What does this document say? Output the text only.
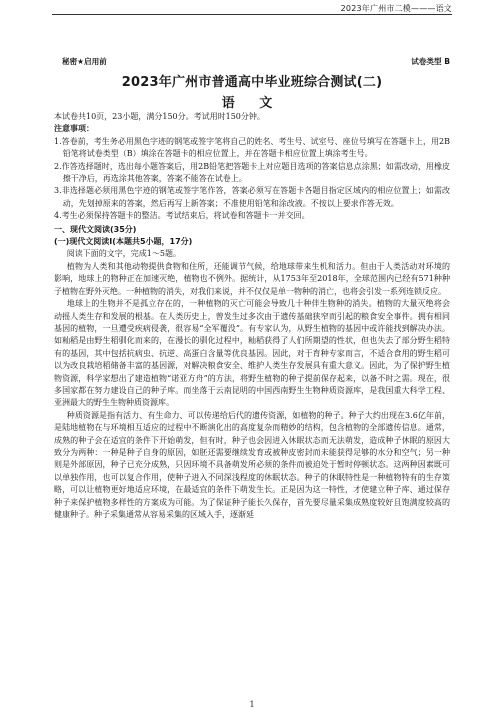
2023年广州市二模———语文
秘密★启用前	试卷类型 B
2023年广州市普通高中毕业班综合测试(二)
语 文

本试卷共10页，23小题，满分150分。考试用时150分钟。

注意事项：

1.答卷前，考生务必用黑色字迹的钢笔或签字笔将自己的姓名、考生号、试室号、座位号填写在答题卡上，用2B铅笔将试卷类型（B）填涂在答题卡的相应位置上，并在答题卡相应位置上填涂考生号。

2.作答选择题时，选出每小题答案后，用2B铅笔把答题卡上对应题目选项的答案信息点涂黑；如需改动，用橡皮擦干净后，再选涂其他答案，答案不能答在试卷上。

3.非选择题必须用黑色字迹的钢笔或签字笔作答，答案必须写在答题卡各题目指定区域内的相应位置上；如需改动，先划掉原来的答案，然后再写上新答案；不准使用铅笔和涂改液。不按以上要求作答无效。

4.考生必须保持答题卡的整洁。考试结束后，将试卷和答题卡一并交回。

一、现代文阅读(35分)
(一)现代文阅读Ⅰ(本题共5小题，17分)

阅读下面的文字，完成1～5题。

植物为人类和其他动物提供食物和住所，还能调节气候，给地球带来生机和活力。但由于人类活动对环境的影响，地球上的物种正在加速灭绝，植物也不例外。据统计，从1753年至2018年，全球范围内已经有571种种子植物在野外灭绝。一种植物的消失，对我们来说，并不仅仅是单一物种的消亡，也将会引发一系列连锁反应。

地球上的生物并不是孤立存在的，一种植物的灭亡可能会导致几十种伴生物种的消失。植物的大量灭绝将会动摇人类生存和发展的根基。在人类历史上，曾发生过多次由于遗传基础狭窄而引起的粮食安全事件。拥有相同基因的植物，一旦遭受疾病侵袭，很容易“全军覆没”。有专家认为，从野生植物的基因中或许能找到解决办法。如籼稻是由野生稻驯化而来的，在漫长的驯化过程中，籼稻获得了人们所期望的性状，但也失去了部分野生稻特有的基因，其中包括抗病虫、抗逆、高蛋白含量等优良基因。因此，对于育种专家而言，不适合食用的野生稻可以为改良栽培稻储备丰富的基因源，对解决粮食安全、维护人类生存发展具有重大意义。因此，为了保护野生植物资源，科学家想出了建造植物“诺亚方舟”的方法，将野生植物的种子提前保存起来，以备不时之需。现在，很多国家都在努力建设自己的种子库。而坐落于云南昆明的中国西南野生生物种质资源库，是我国重大科学工程、亚洲最大的野生生物种质资源库。

种质资源是指有活力、有生命力、可以传递给后代的遗传资源，如植物的种子。种子大约出现在3.6亿年前，是陆地植物在与环境相互适应的过程中不断演化出的高度复杂而精妙的结构，包含植物的全部遗传信息。通常，成熟的种子会在适宜的条件下开始萌发，但有时，种子也会因进入休眠状态而无法萌发，造成种子休眠的原因大致分为两种：一种是种子自身的原因，如胚还需要继续发育或被种皮密封而未能获得足够的水分和空气；另一种则是外部原因，种子已充分成熟，只因环境不具备萌发所必须的条件而被迫处于暂时停顿状态。这两种因素既可以单独作用，也可以复合作用，使种子进入不同深浅程度的休眠状态。种子的休眠特性是一种植物特有的生存策略，可以让植物更好地适应环境，在最适宜的条件下萌发生长。正是因为这一特性，才使建立种子库、通过保存种子来保护植物多样性的方案成为可能。为了保证种子能长久保存，首先要尽量采集成熟度较好且饱满度较高的健康种子。种子采集通常从容易采集的区域入手，逐渐延

1
